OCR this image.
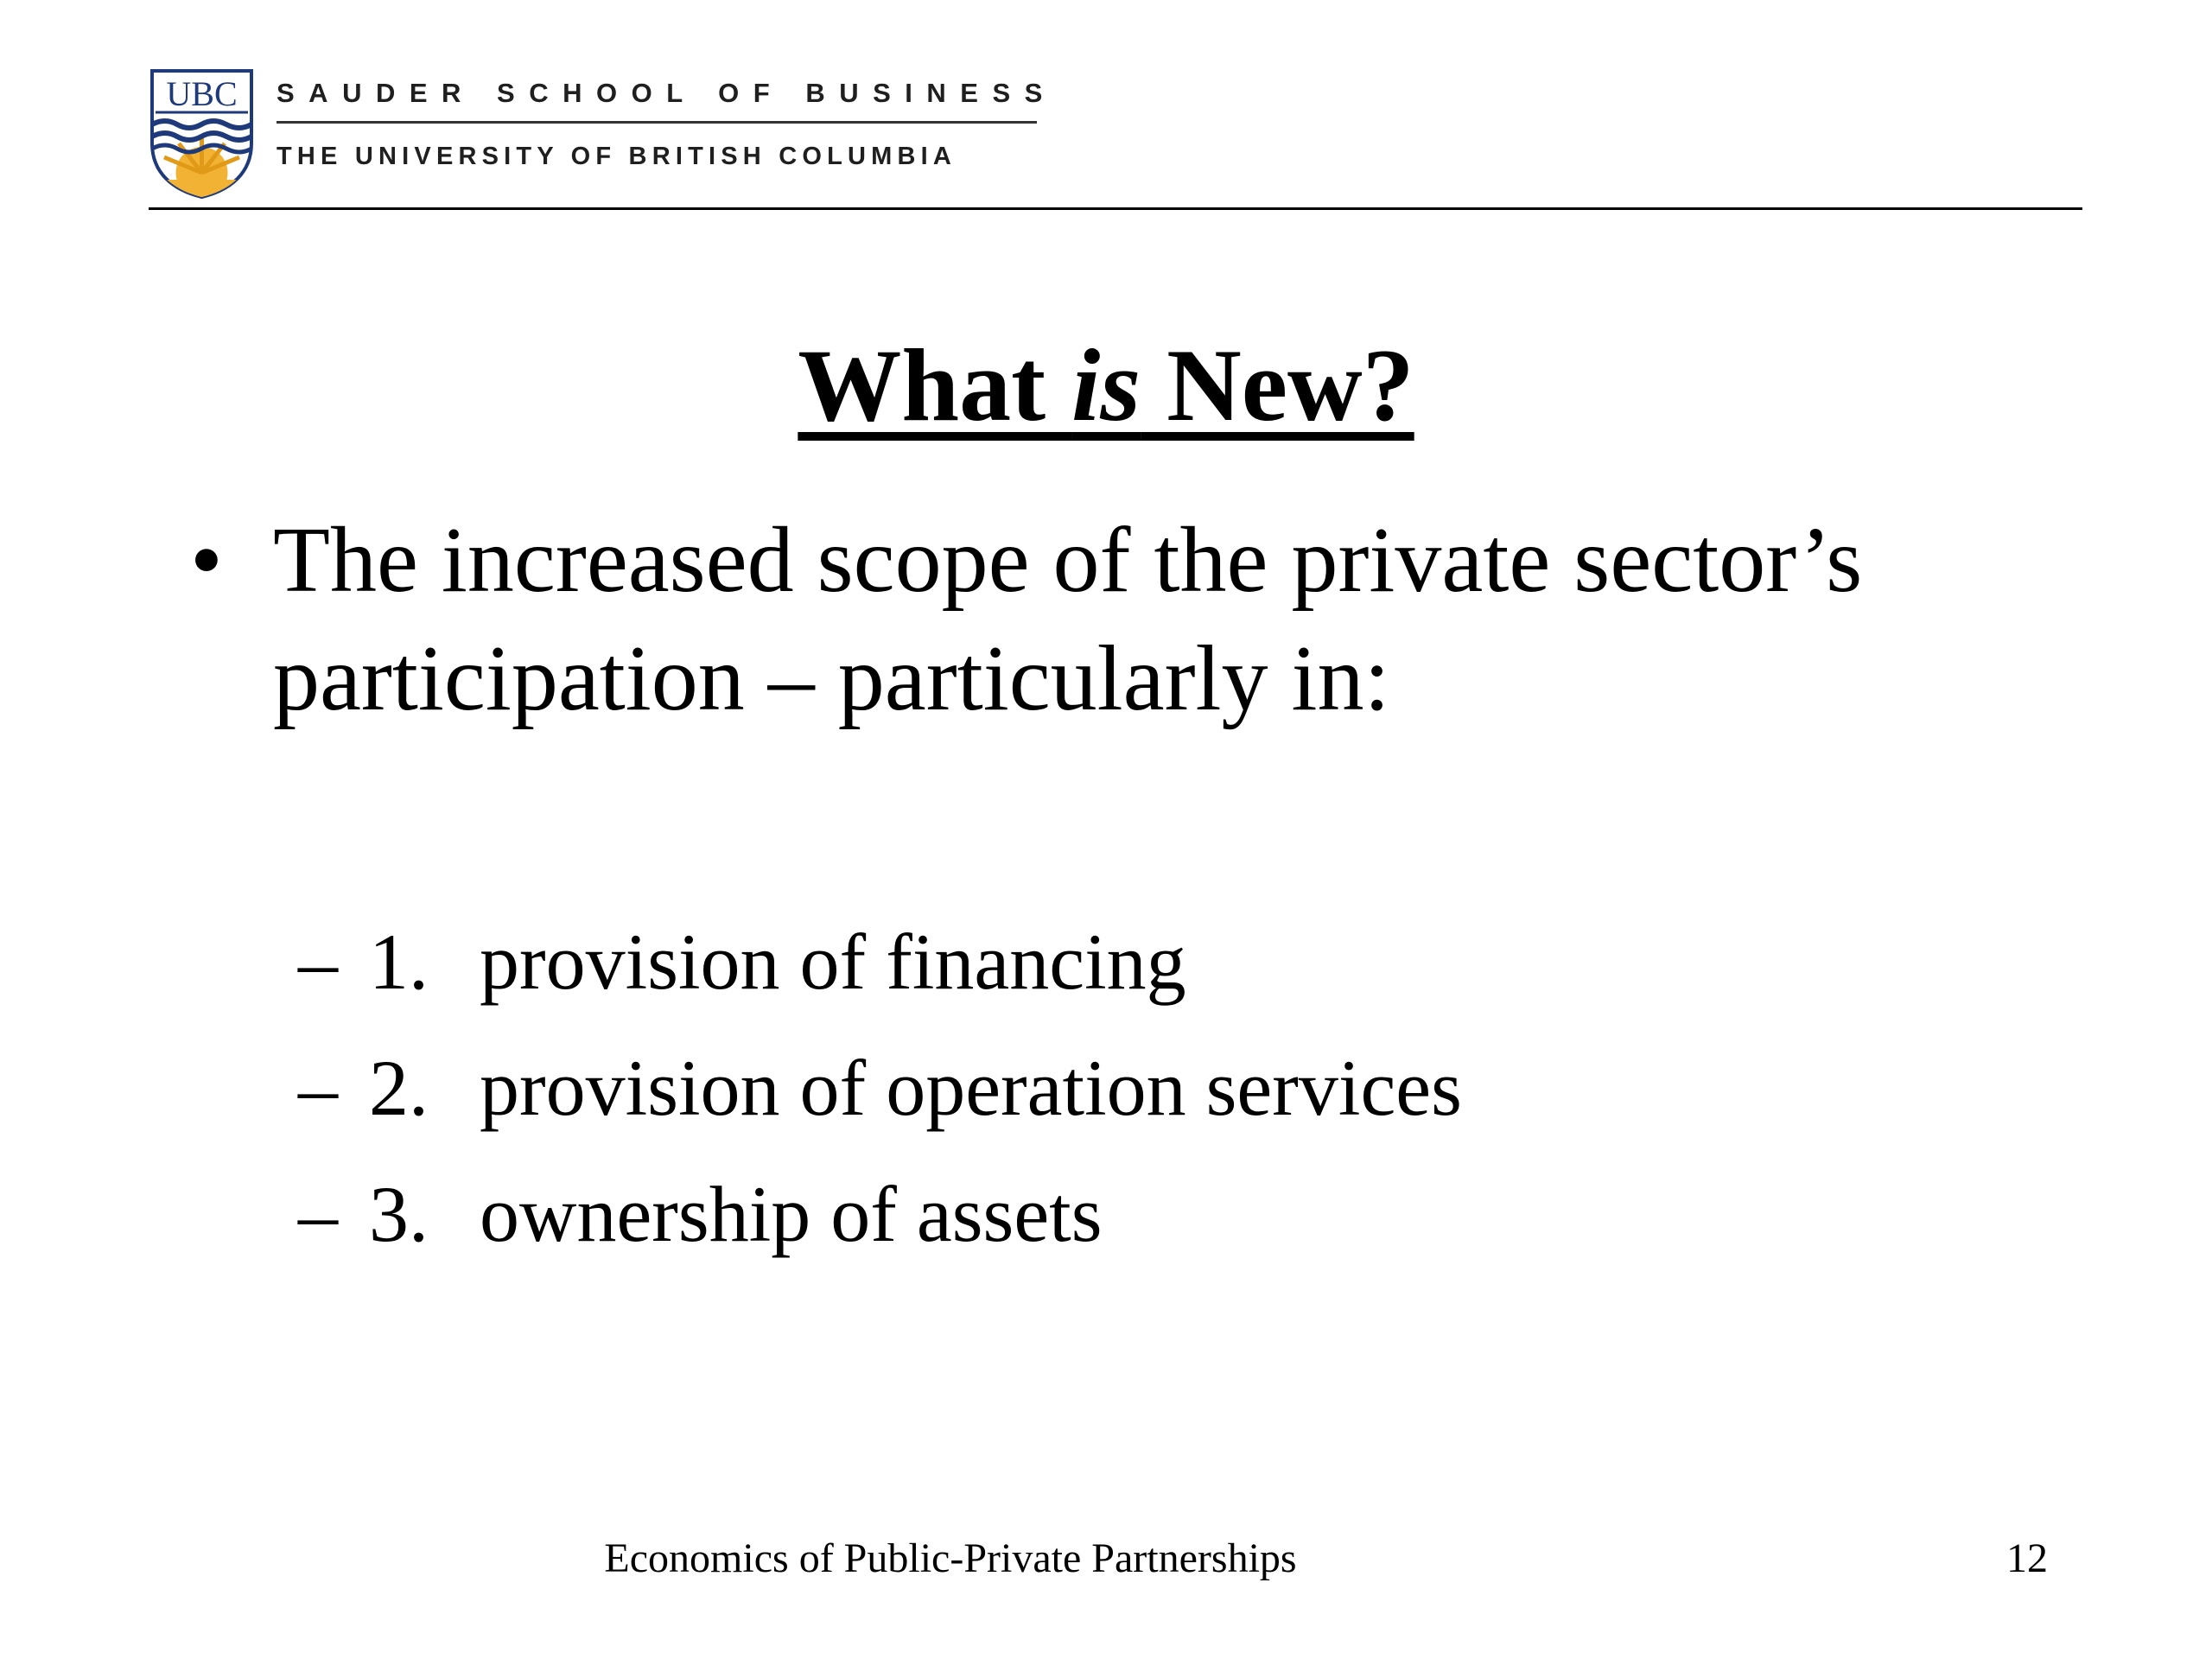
UBC SAUDER SCHOOL OF BUSINESS
THE UNIVERSITY OF BRITISH COLUMBIA
What is New?
• The increased scope of the private sector’s participation – particularly in:
– 1. provision of financing
– 2. provision of operation services
– 3. ownership of assets
Economics of Public-Private Partnerships	12
